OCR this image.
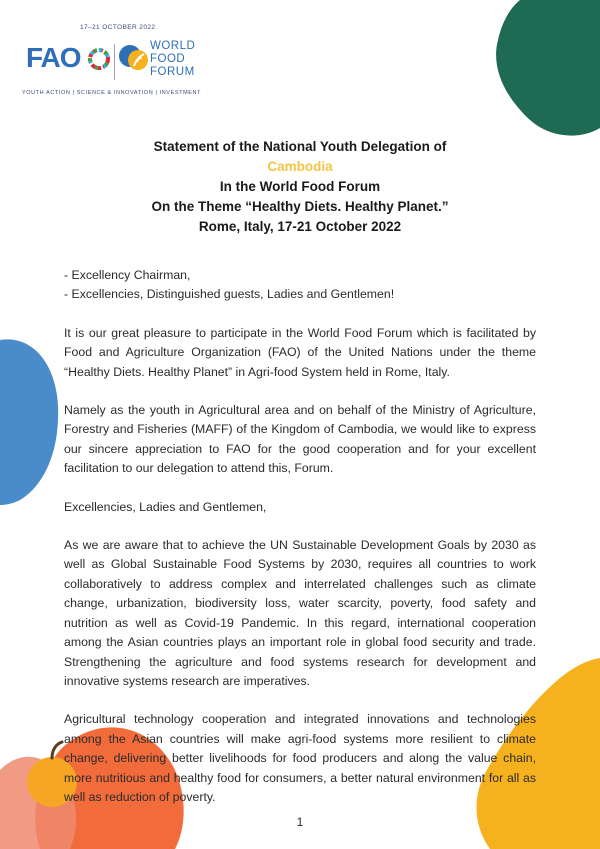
17–21 OCTOBER 2022
FAO	WORLD
FOOD
FORUM
YOUTH ACTION | SCIENCE & INNOVATION | INVESTMENT
Statement of the National Youth Delegation of
Cambodia
In the World Food Forum
On the Theme “Healthy Diets. Healthy Planet.”
Rome, Italy, 17-21 October 2022

- Excellency Chairman,

- Excellencies, Distinguished guests, Ladies and Gentlemen!

It is our great pleasure to participate in the World Food Forum which is facilitated by Food and Agriculture Organization (FAO) of the United Nations under the theme “Healthy Diets. Healthy Planet” in Agri-food System held in Rome, Italy.

Namely as the youth in Agricultural area and on behalf of the Ministry of Agriculture, Forestry and Fisheries (MAFF) of the Kingdom of Cambodia, we would like to express our sincere appreciation to FAO for the good cooperation and for your excellent facilitation to our delegation to attend this, Forum.

Excellencies, Ladies and Gentlemen,

As we are aware that to achieve the UN Sustainable Development Goals by 2030 as well as Global Sustainable Food Systems by 2030, requires all countries to work collaboratively to address complex and interrelated challenges such as climate change, urbanization, biodiversity loss, water scarcity, poverty, food safety and nutrition as well as Covid-19 Pandemic. In this regard, international cooperation among the Asian countries plays an important role in global food security and trade. Strengthening the agriculture and food systems research for development and innovative systems research are imperatives.

Agricultural technology cooperation and integrated innovations and technologies among the Asian countries will make agri-food systems more resilient to climate change, delivering better livelihoods for food producers and along the value chain, more nutritious and healthy food for consumers, a better natural environment for all as well as reduction of poverty.

1
